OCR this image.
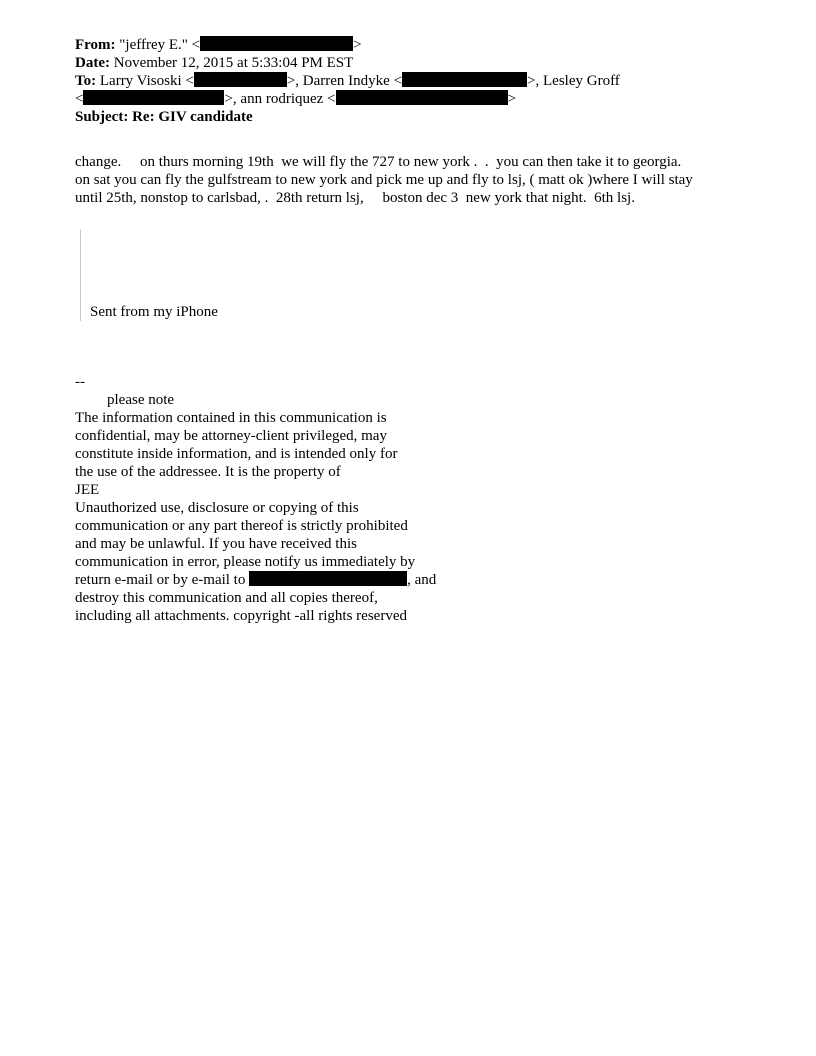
From: "jeffrey E." <	>
Date: November 12, 2015 at 5:33:04 PM EST
To: Larry Visoski <	>, Darren Indyke <	>, Lesley Groff
<	>, ann rodriquez <	>
Subject: Re: GIV candidate

change.     on thurs morning 19th  we will fly the 727 to new york .  .  you can then take it to georgia.

on sat you can fly the gulfstream to new york and pick me up and fly to lsj, ( matt ok )where I will stay

until 25th, nonstop to carlsbad, .  28th return lsj,     boston dec 3  new york that night.  6th lsj.

Sent from my iPhone

--

please note

The information contained in this communication is

confidential, may be attorney-client privileged, may

constitute inside information, and is intended only for

the use of the addressee. It is the property of

JEE

Unauthorized use, disclosure or copying of this

communication or any part thereof is strictly prohibited

and may be unlawful. If you have received this

communication in error, please notify us immediately by

return e-mail or by e-mail to	, and

destroy this communication and all copies thereof,

including all attachments. copyright -all rights reserved
